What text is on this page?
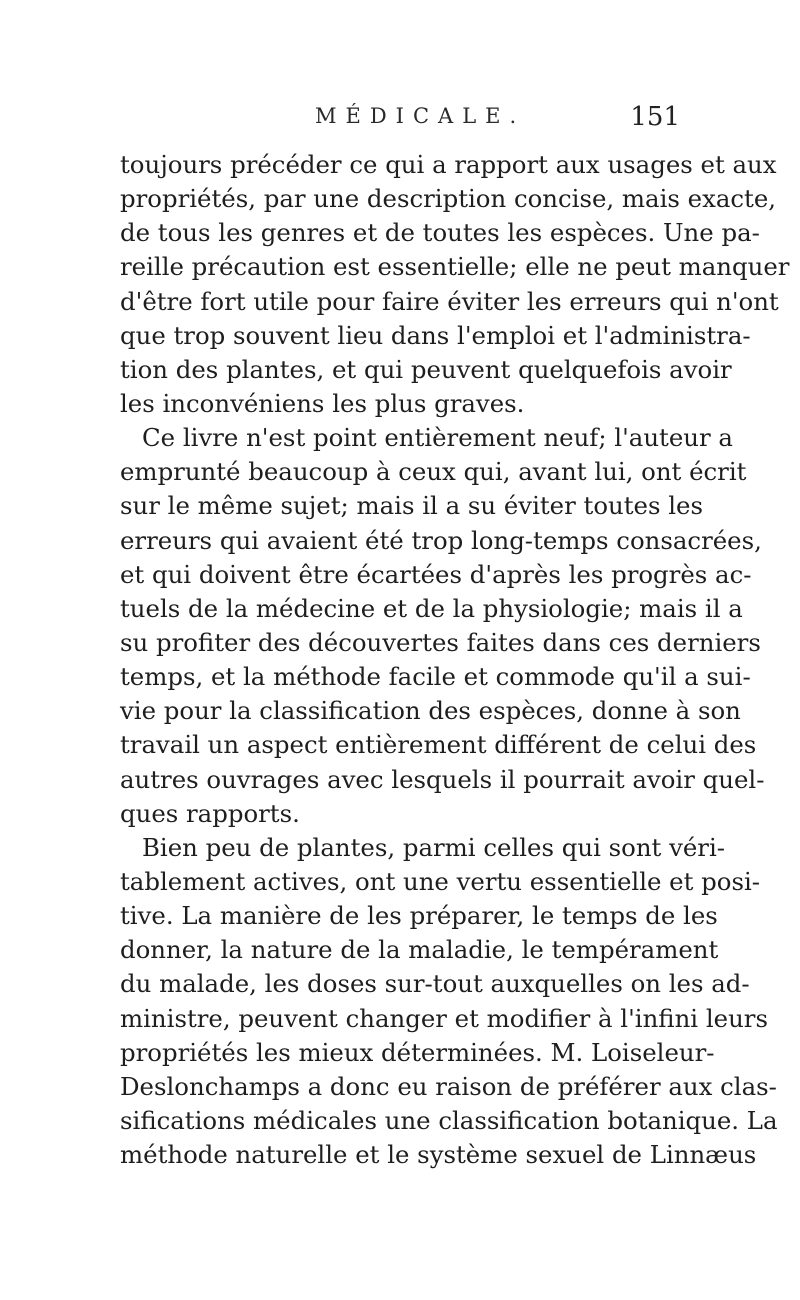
MÉDICALE.	151
toujours précéder ce qui a rapport aux usages et aux
propriétés, par une description concise, mais exacte,
de tous les genres et de toutes les espèces. Une pa-
reille précaution est essentielle; elle ne peut manquer
d'être fort utile pour faire éviter les erreurs qui n'ont
que trop souvent lieu dans l'emploi et l'administra-
tion des plantes, et qui peuvent quelquefois avoir
les inconvéniens les plus graves.
Ce livre n'est point entièrement neuf; l'auteur a
emprunté beaucoup à ceux qui, avant lui, ont écrit
sur le même sujet; mais il a su éviter toutes les
erreurs qui avaient été trop long-temps consacrées,
et qui doivent être écartées d'après les progrès ac-
tuels de la médecine et de la physiologie; mais il a
su profiter des découvertes faites dans ces derniers
temps, et la méthode facile et commode qu'il a sui-
vie pour la classification des espèces, donne à son
travail un aspect entièrement différent de celui des
autres ouvrages avec lesquels il pourrait avoir quel-
ques rapports.
Bien peu de plantes, parmi celles qui sont véri-
tablement actives, ont une vertu essentielle et posi-
tive. La manière de les préparer, le temps de les
donner, la nature de la maladie, le tempérament
du malade, les doses sur-tout auxquelles on les ad-
ministre, peuvent changer et modifier à l'infini leurs
propriétés les mieux déterminées. M. Loiseleur-
Deslonchamps a donc eu raison de préférer aux clas-
sifications médicales une classification botanique. La
méthode naturelle et le système sexuel de Linnæus
